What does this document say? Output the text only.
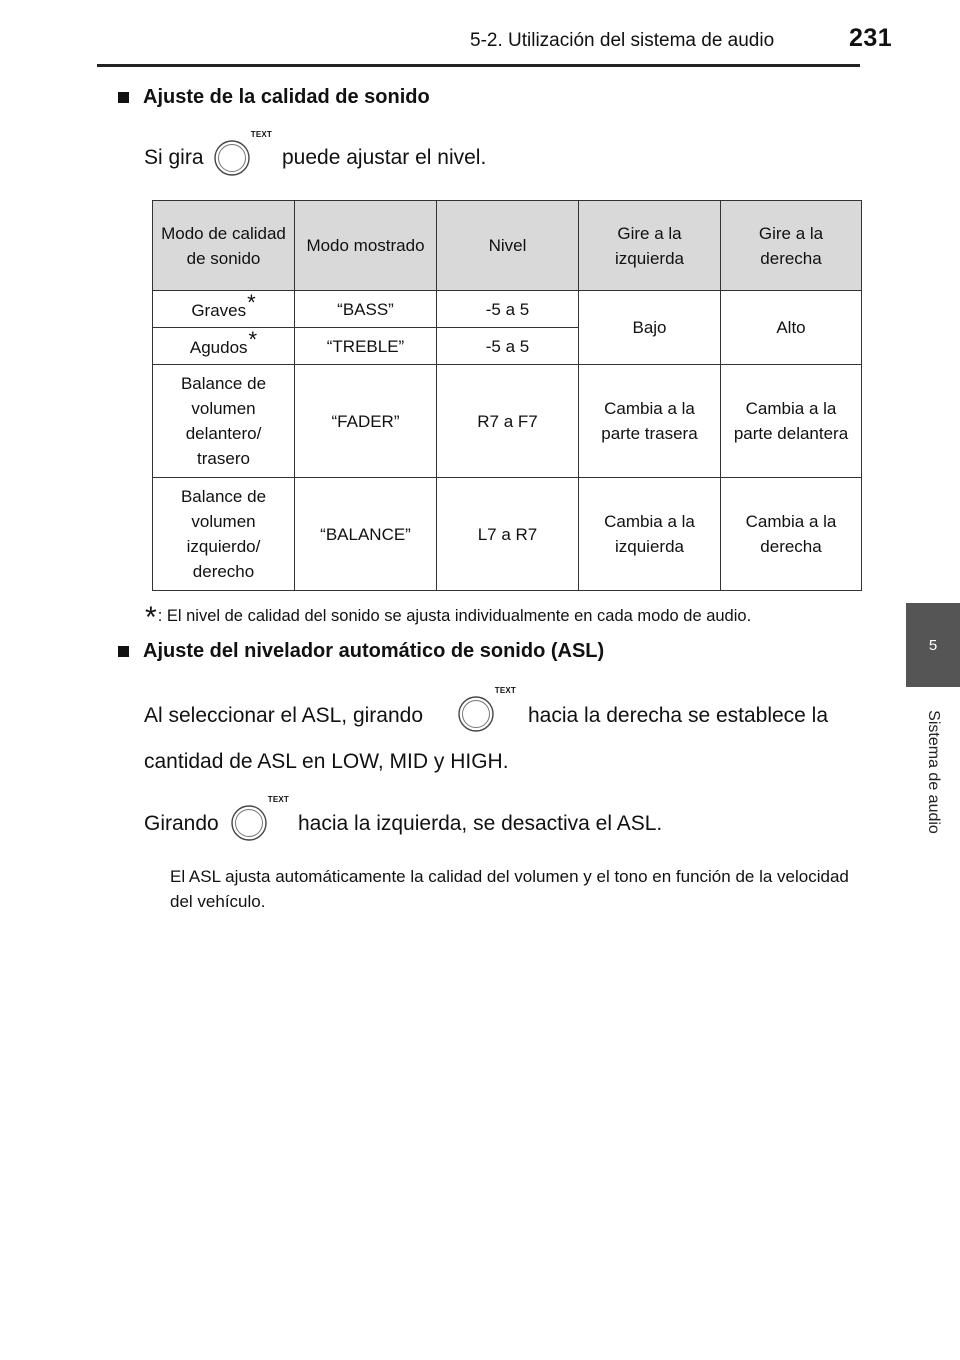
5-2. Utilización del sistema de audio	231
5
Sistema de audio
Ajuste de la calidad de sonido
Si gira
TEXT
puede ajustar el nivel.
Modo de calidad de sonido	Modo mostrado	Nivel	Gire a la izquierda	Gire a la derecha
Graves*	“BASS”	-5 a 5	Bajo	Alto
Agudos*	“TREBLE”	-5 a 5		
Balance de volumen delantero/ trasero	“FADER”	R7 a F7	Cambia a la parte trasera	Cambia a la parte delantera
Balance de volumen izquierdo/ derecho	“BALANCE”	L7 a R7	Cambia a la izquierda	Cambia a la derecha
*: El nivel de calidad del sonido se ajusta individualmente en cada modo de audio.
Ajuste del nivelador automático de sonido (ASL)
Al seleccionar el ASL, girando
TEXT
hacia la derecha se establece la
cantidad de ASL en LOW, MID y HIGH.
Girando
TEXT
hacia la izquierda, se desactiva el ASL.
El ASL ajusta automáticamente la calidad del volumen y el tono en función de la velocidad del vehículo.
